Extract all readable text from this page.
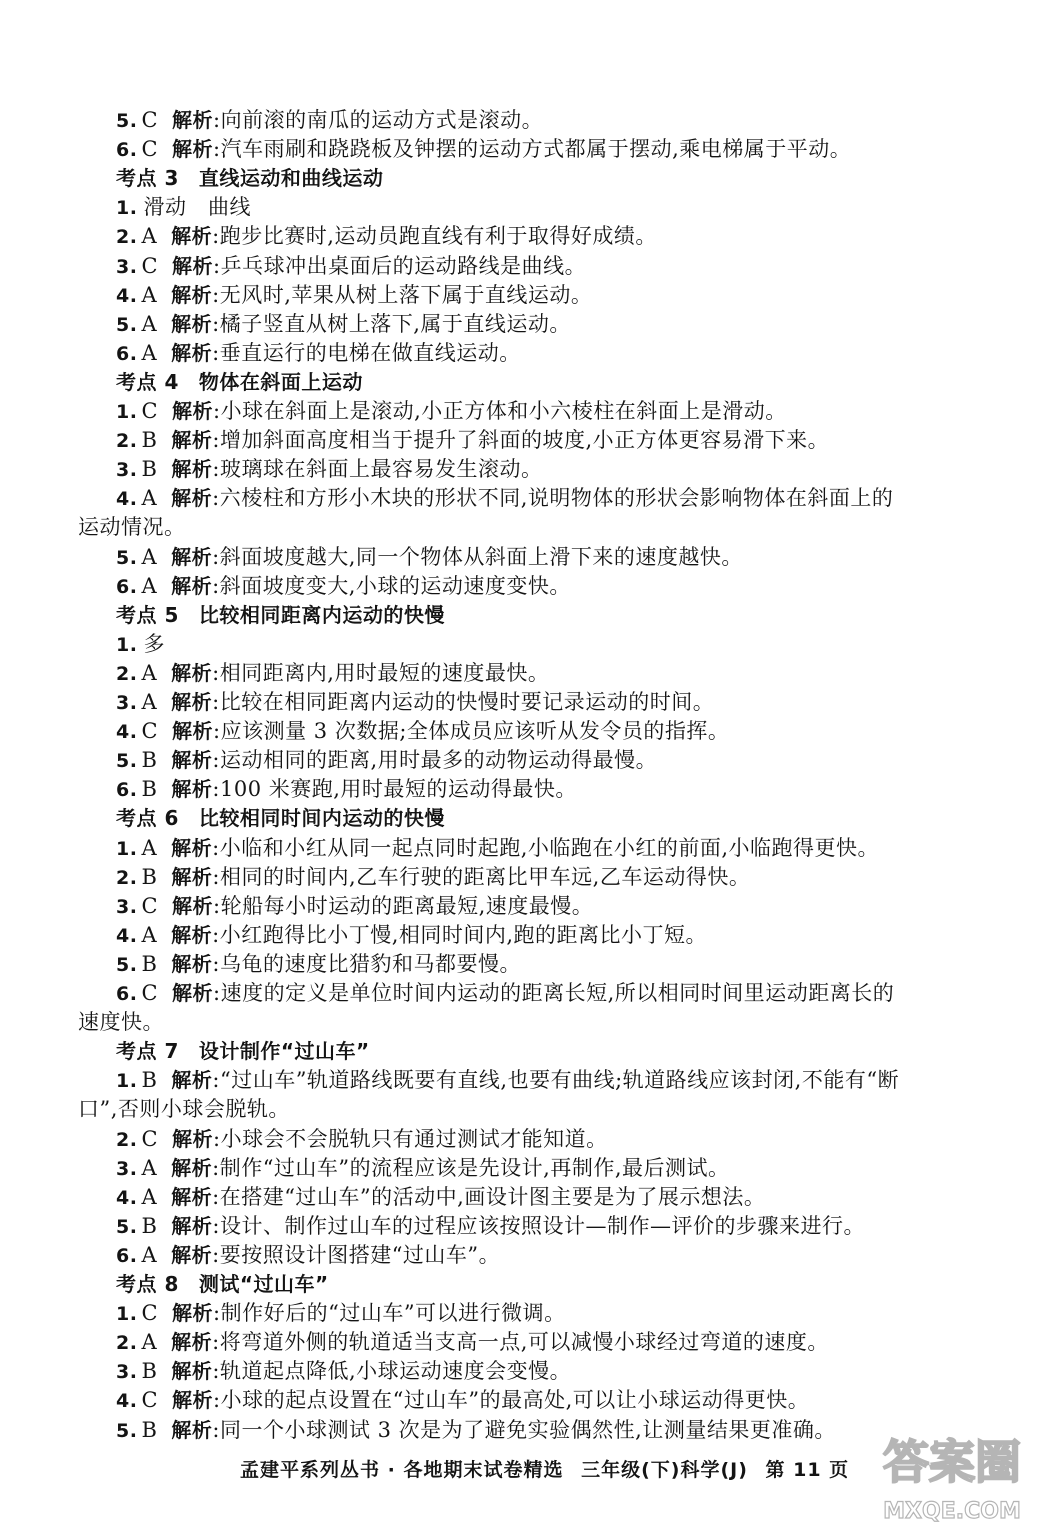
5. C 解析:向前滚的南瓜的运动方式是滚动。
6. C 解析:汽车雨刷和跷跷板及钟摆的运动方式都属于摆动,乘电梯属于平动。
考点 3 直线运动和曲线运动
1. 滑动　曲线
2. A 解析:跑步比赛时,运动员跑直线有利于取得好成绩。
3. C 解析:乒乓球冲出桌面后的运动路线是曲线。
4. A 解析:无风时,苹果从树上落下属于直线运动。
5. A 解析:橘子竖直从树上落下,属于直线运动。
6. A 解析:垂直运行的电梯在做直线运动。
考点 4 物体在斜面上运动
1. C 解析:小球在斜面上是滚动,小正方体和小六棱柱在斜面上是滑动。
2. B 解析:增加斜面高度相当于提升了斜面的坡度,小正方体更容易滑下来。
3. B 解析:玻璃球在斜面上最容易发生滚动。
4. A 解析:六棱柱和方形小木块的形状不同,说明物体的形状会影响物体在斜面上的
运动情况。
5. A 解析:斜面坡度越大,同一个物体从斜面上滑下来的速度越快。
6. A 解析:斜面坡度变大,小球的运动速度变快。
考点 5 比较相同距离内运动的快慢
1. 多
2. A 解析:相同距离内,用时最短的速度最快。
3. A 解析:比较在相同距离内运动的快慢时要记录运动的时间。
4. C 解析:应该测量 3 次数据;全体成员应该听从发令员的指挥。
5. B 解析:运动相同的距离,用时最多的动物运动得最慢。
6. B 解析:100 米赛跑,用时最短的运动得最快。
考点 6 比较相同时间内运动的快慢
1. A 解析:小临和小红从同一起点同时起跑,小临跑在小红的前面,小临跑得更快。
2. B 解析:相同的时间内,乙车行驶的距离比甲车远,乙车运动得快。
3. C 解析:轮船每小时运动的距离最短,速度最慢。
4. A 解析:小红跑得比小丁慢,相同时间内,跑的距离比小丁短。
5. B 解析:乌龟的速度比猎豹和马都要慢。
6. C 解析:速度的定义是单位时间内运动的距离长短,所以相同时间里运动距离长的
速度快。
考点 7 设计制作“过山车”
1. B 解析:“过山车”轨道路线既要有直线,也要有曲线;轨道路线应该封闭,不能有“断
口”,否则小球会脱轨。
2. C 解析:小球会不会脱轨只有通过测试才能知道。
3. A 解析:制作“过山车”的流程应该是先设计,再制作,最后测试。
4. A 解析:在搭建“过山车”的活动中,画设计图主要是为了展示想法。
5. B 解析:设计、制作过山车的过程应该按照设计—制作—评价的步骤来进行。
6. A 解析:要按照设计图搭建“过山车”。
考点 8 测试“过山车”
1. C 解析:制作好后的“过山车”可以进行微调。
2. A 解析:将弯道外侧的轨道适当支高一点,可以减慢小球经过弯道的速度。
3. B 解析:轨道起点降低,小球运动速度会变慢。
4. C 解析:小球的起点设置在“过山车”的最高处,可以让小球运动得更快。
5. B 解析:同一个小球测试 3 次是为了避免实验偶然性,让测量结果更准确。
孟建平系列丛书 · 各地期末试卷精选 三年级(下)科学(J) 第 11 页 答案圈
MXQE.COM
